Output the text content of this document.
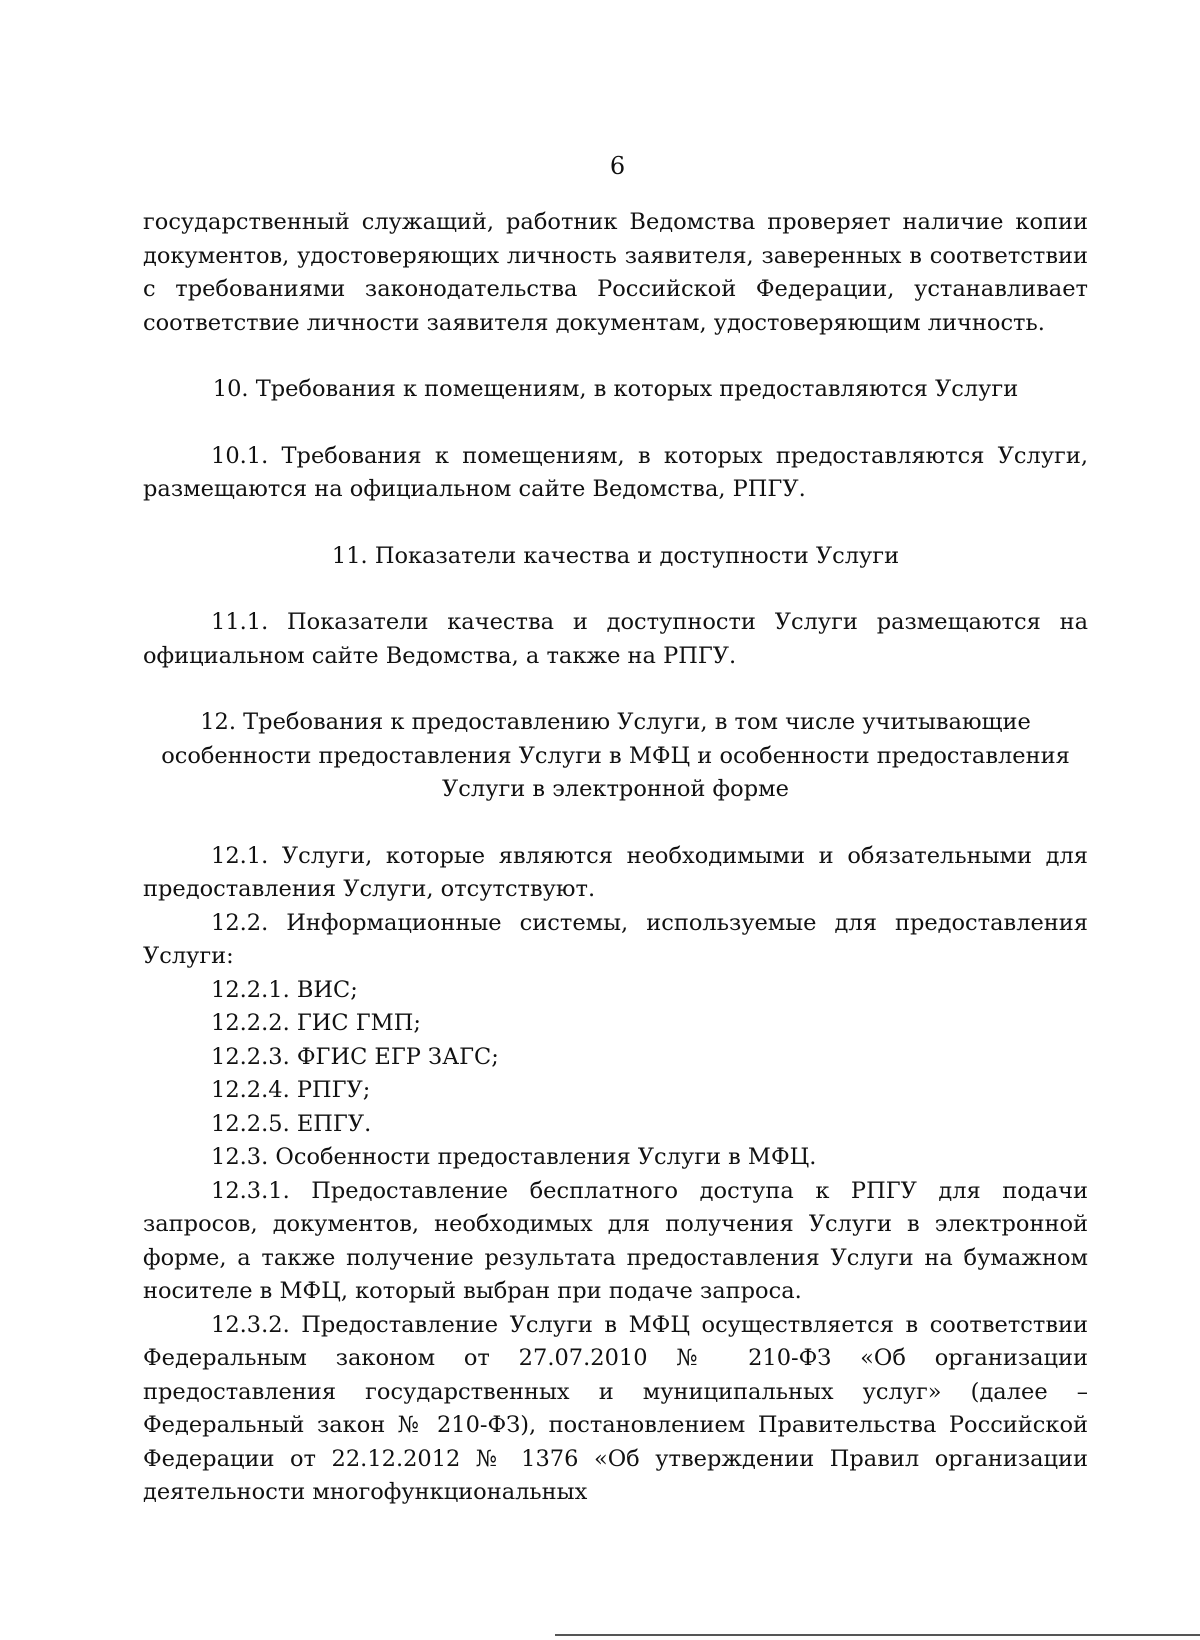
6

государственный служащий, работник Ведомства проверяет наличие копии документов, удостоверяющих личность заявителя, заверенных в соответствии с требованиями законодательства Российской Федерации, устанавливает соответствие личности заявителя документам, удостоверяющим личность.

10. Требования к помещениям, в которых предоставляются Услуги

10.1. Требования к помещениям, в которых предоставляются Услуги, размещаются на официальном сайте Ведомства, РПГУ.

11. Показатели качества и доступности Услуги

11.1. Показатели качества и доступности Услуги размещаются на официальном сайте Ведомства, а также на РПГУ.

12. Требования к предоставлению Услуги, в том числе учитывающие

особенности предоставления Услуги в МФЦ и особенности предоставления

Услуги в электронной форме

12.1. Услуги, которые являются необходимыми и обязательными для предоставления Услуги, отсутствуют.

12.2. Информационные системы, используемые для предоставления Услуги:

12.2.1. ВИС;

12.2.2. ГИС ГМП;

12.2.3. ФГИС ЕГР ЗАГС;

12.2.4. РПГУ;

12.2.5. ЕПГУ.

12.3. Особенности предоставления Услуги в МФЦ.

12.3.1. Предоставление бесплатного доступа к РПГУ для подачи запросов, документов, необходимых для получения Услуги в электронной форме, а также получение результата предоставления Услуги на бумажном носителе в МФЦ, который выбран при подаче запроса.

12.3.2. Предоставление Услуги в МФЦ осуществляется в соответствии Федеральным законом от 27.07.2010 № 210-ФЗ «Об организации предоставления государственных и муниципальных услуг» (далее – Федеральный закон № 210-ФЗ), постановлением Правительства Российской Федерации от 22.12.2012 № 1376 «Об утверждении Правил организации деятельности многофункциональных
